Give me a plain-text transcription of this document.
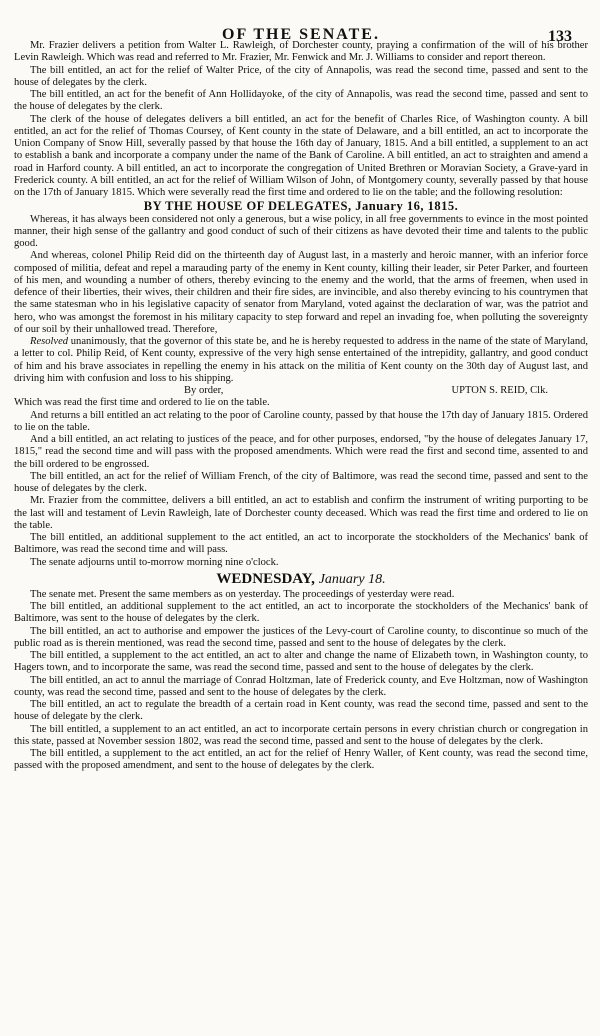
OF THE SENATE.	133

Mr. Frazier delivers a petition from Walter L. Rawleigh, of Dorchester county, praying a confirmation of the will of his brother Levin Rawleigh. Which was read and referred to Mr. Frazier, Mr. Fenwick and Mr. J. Williams to consider and report thereon.

The bill entitled, an act for the relief of Walter Price, of the city of Annapolis, was read the second time, passed and sent to the house of delegates by the clerk.

The bill entitled, an act for the benefit of Ann Hollidayoke, of the city of Annapolis, was read the second time, passed and sent to the house of delegates by the clerk.

The clerk of the house of delegates delivers a bill entitled, an act for the benefit of Charles Rice, of Washington county. A bill entitled, an act for the relief of Thomas Coursey, of Kent county in the state of Delaware, and a bill entitled, an act to incorporate the Union Company of Snow Hill, severally passed by that house the 16th day of January, 1815. And a bill entitled, a supplement to an act to establish a bank and incorporate a company under the name of the Bank of Caroline. A bill entitled, an act to straighten and amend a road in Harford county. A bill entitled, an act to incorporate the congregation of United Brethren or Moravian Society, a Grave-yard in Frederick county. A bill entitled, an act for the relief of William Wilson of John, of Montgomery county, severally passed by that house on the 17th of January 1815. Which were severally read the first time and ordered to lie on the table; and the following resolution:

BY THE HOUSE OF DELEGATES, January 16, 1815.

Whereas, it has always been considered not only a generous, but a wise policy, in all free governments to evince in the most pointed manner, their high sense of the gallantry and good conduct of such of their citizens as have devoted their time and talents to the public good.

And whereas, colonel Philip Reid did on the thirteenth day of August last, in a masterly and heroic manner, with an inferior force composed of militia, defeat and repel a marauding party of the enemy in Kent county, killing their leader, sir Peter Parker, and fourteen of his men, and wounding a number of others, thereby evincing to the enemy and the world, that the arms of freemen, when used in defence of their liberties, their wives, their children and their fire sides, are invincible, and also thereby evincing to his countrymen that the same statesman who in his legislative capacity of senator from Maryland, voted against the declaration of war, was the patriot and hero, who was amongst the foremost in his military capacity to step forward and repel an invading foe, when polluting the sovereignty of our soil by their unhallowed tread. Therefore,

Resolved unanimously, that the governor of this state be, and he is hereby requested to address in the name of the state of Maryland, a letter to col. Philip Reid, of Kent county, expressive of the very high sense entertained of the intrepidity, gallantry, and good conduct of him and his brave associates in repelling the enemy in his attack on the militia of Kent county on the 30th day of August last, and driving him with confusion and loss to his shipping.

By order,	UPTON S. REID, Clk.

Which was read the first time and ordered to lie on the table.

And returns a bill entitled an act relating to the poor of Caroline county, passed by that house the 17th day of January 1815. Ordered to lie on the table.

And a bill entitled, an act relating to justices of the peace, and for other purposes, endorsed, "by the house of delegates January 17, 1815," read the second time and will pass with the proposed amendments. Which were read the first and second time, assented to and the bill ordered to be engrossed.

The bill entitled, an act for the relief of William French, of the city of Baltimore, was read the second time, passed and sent to the house of delegates by the clerk.

Mr. Frazier from the committee, delivers a bill entitled, an act to establish and confirm the instrument of writing purporting to be the last will and testament of Levin Rawleigh, late of Dorchester county deceased. Which was read the first time and ordered to lie on the table.

The bill entitled, an additional supplement to the act entitled, an act to incorporate the stockholders of the Mechanics' bank of Baltimore, was read the second time and will pass.

The senate adjourns until to-morrow morning nine o'clock.

WEDNESDAY, January 18.

The senate met. Present the same members as on yesterday. The proceedings of yesterday were read.

The bill entitled, an additional supplement to the act entitled, an act to incorporate the stockholders of the Mechanics' bank of Baltimore, was sent to the house of delegates by the clerk.

The bill entitled, an act to authorise and empower the justices of the Levy-court of Caroline county, to discontinue so much of the public road as is therein mentioned, was read the second time, passed and sent to the house of delegates by the clerk.

The bill entitled, a supplement to the act entitled, an act to alter and change the name of Elizabeth town, in Washington county, to Hagers town, and to incorporate the same, was read the second time, passed and sent to the house of delegates by the clerk.

The bill entitled, an act to annul the marriage of Conrad Holtzman, late of Frederick county, and Eve Holtzman, now of Washington county, was read the second time, passed and sent to the house of delegates by the clerk.

The bill entitled, an act to regulate the breadth of a certain road in Kent county, was read the second time, passed and sent to the house of delegate by the clerk.

The bill entitled, a supplement to an act entitled, an act to incorporate certain persons in every christian church or congregation in this state, passed at November session 1802, was read the second time, passed and sent to the house of delegates by the clerk.

The bill entitled, a supplement to the act entitled, an act for the relief of Henry Waller, of Kent county, was read the second time, passed with the proposed amendment, and sent to the house of delegates by the clerk.
